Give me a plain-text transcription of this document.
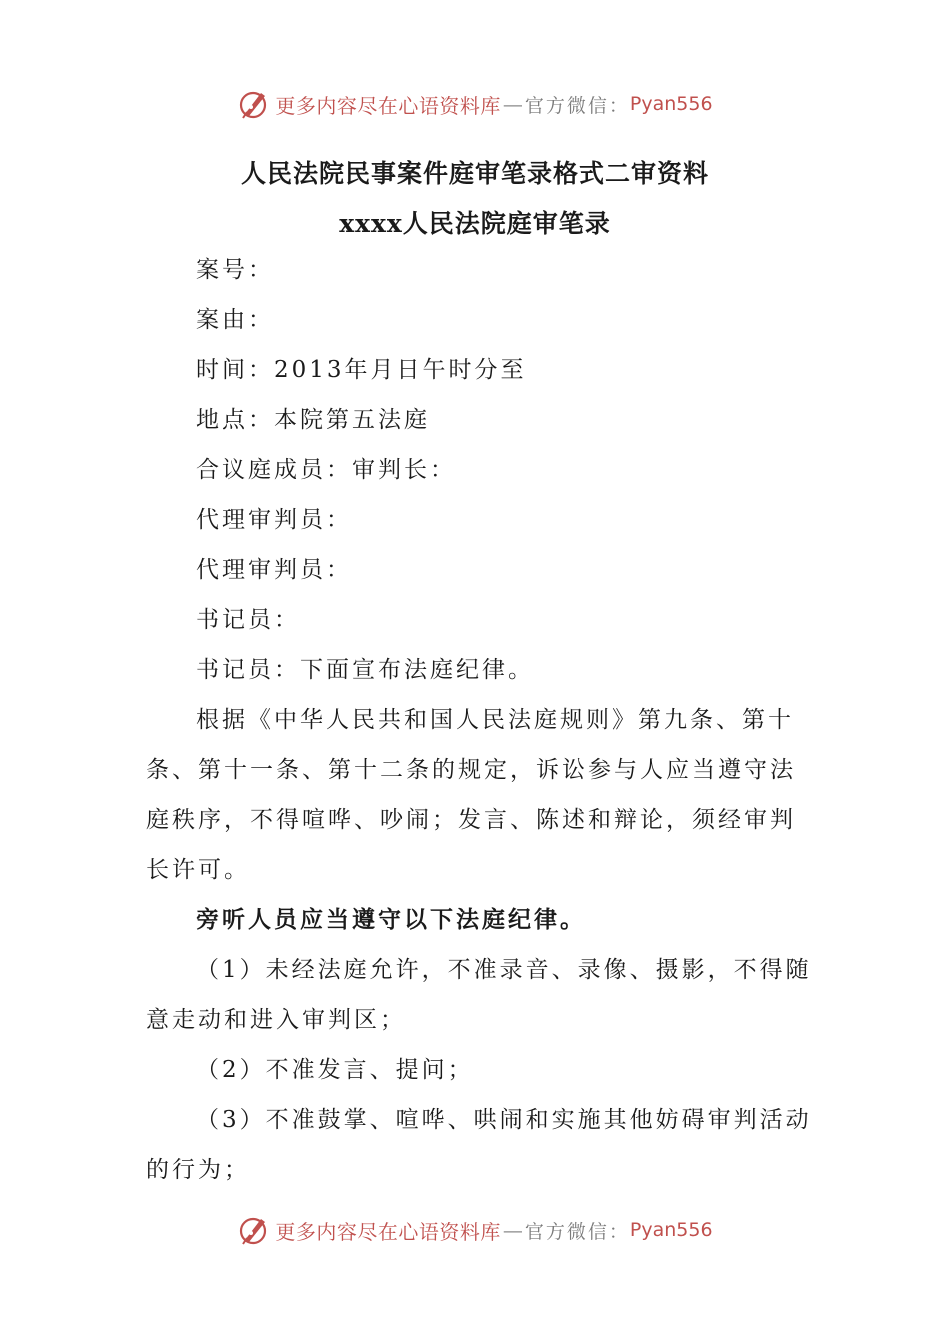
更多内容尽在心语资料库 — 官方微信： Pyan556
人民法院民事案件庭审笔录格式二审资料
xxxx人民法院庭审笔录
案号：
案由：
时间：2013年月日午时分至
地点：本院第五法庭
合议庭成员：审判长：
代理审判员：
代理审判员：
书记员：
书记员：下面宣布法庭纪律。
根据《中华人民共和国人民法庭规则》第九条、第十
条、第十一条、第十二条的规定，诉讼参与人应当遵守法
庭秩序，不得喧哗、吵闹；发言、陈述和辩论，须经审判
长许可。
旁听人员应当遵守以下法庭纪律。
（1）未经法庭允许，不准录音、录像、摄影，不得随
意走动和进入审判区；
（2）不准发言、提问；
（3）不准鼓掌、喧哗、哄闹和实施其他妨碍审判活动
的行为；
更多内容尽在心语资料库 — 官方微信： Pyan556
